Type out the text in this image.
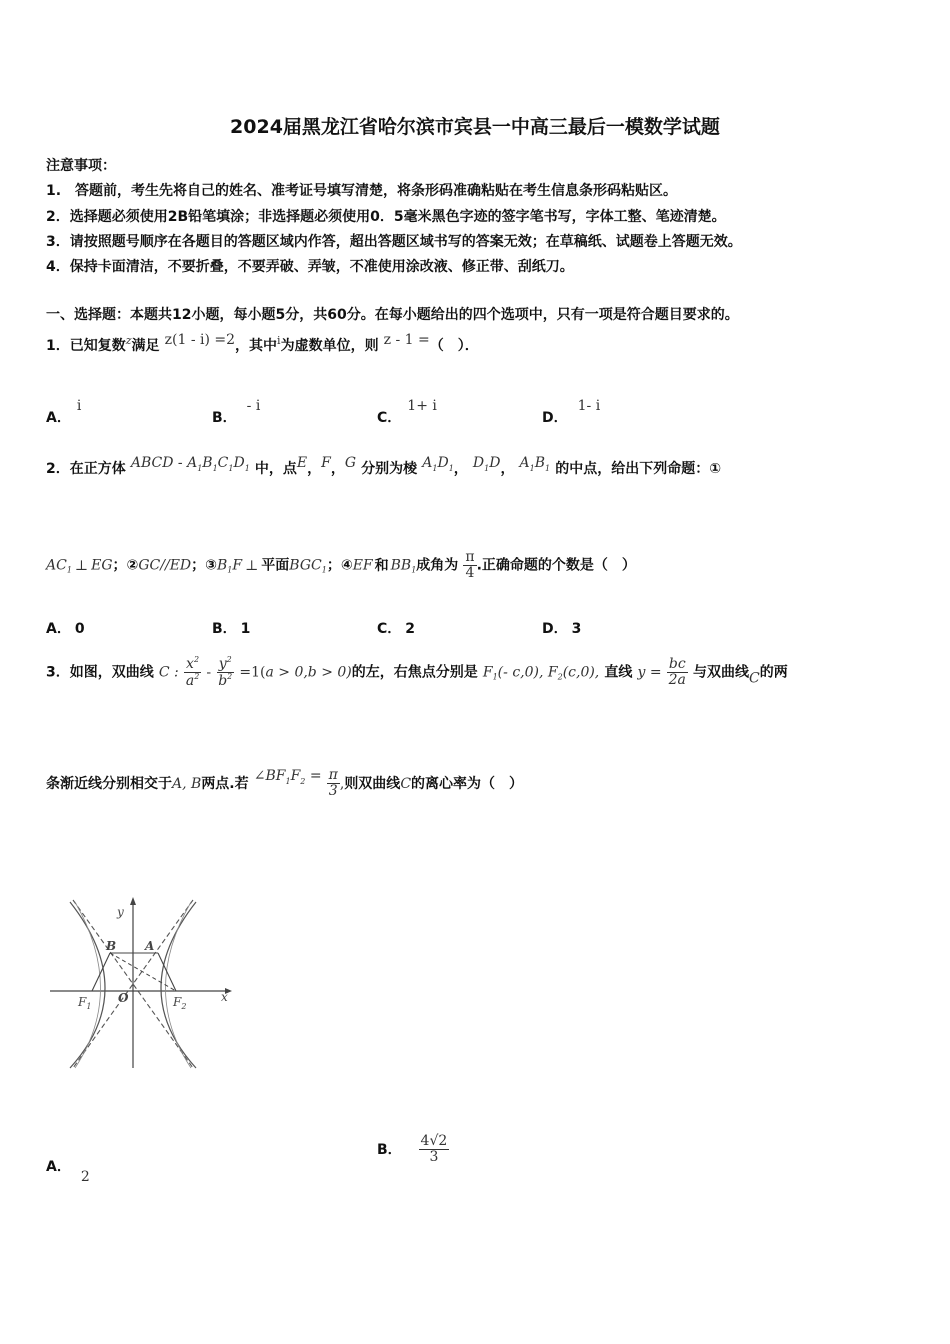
2024届黑龙江省哈尔滨市宾县一中高三最后一模数学试题
注意事项：
1.　答题前，考生先将自己的姓名、准考证号填写清楚，将条形码准确粘贴在考生信息条形码粘贴区。
2．选择题必须使用2B铅笔填涂；非选择题必须使用0．5毫米黑色字迹的签字笔书写，字体工整、笔迹清楚。
3．请按照题号顺序在各题目的答题区域内作答，超出答题区域书写的答案无效；在草稿纸、试题卷上答题无效。
4．保持卡面清洁，不要折叠，不要弄破、弄皱，不准使用涂改液、修正带、刮纸刀。
一、选择题：本题共12小题，每小题5分，共60分。在每小题给出的四个选项中，只有一项是符合题目要求的。
1．已知复数$^z$满足 z(1 - i) =2，其中$^i$为虚数单位，则 z - 1 =（　）．
A．i
B．- i
C．1+ i
D．1- i
2．在正方体 ABCD - $A^1B^1C^1D^1$ 中，点E，F，G 分别为棱 $A^1D^1$， $D^1D$， $A^1B^1$ 的中点，给出下列命题：①
$AC_1$ ⊥ EG；②GC//ED；$③B_1F$ ⊥ 平面$BGC_1$；④EF 和 $BB_1$成角为 $\frac{\pi}{4}$ .正确命题的个数是（　）
A． 0	B． 1	C． 2	D． 3
3．如图，双曲线 C : $\frac{x^2}{a^2} - \frac{y^2}{b^2} =1(a > 0,b > 0)$的左，右焦点分别是 $F_1(-$ c,0), $F_2(c,0)$, 直线 $y = \frac{bc}{2a}$ 与双曲线C的两
条渐近线分别相交于A, B两点.若 $\angle BF^1F^2 = \frac{\pi}{3}$ ,则双曲线C的离心率为（　）
y
x
B A
$F_1$
O	$F_2$
A．2
B． $\frac{4√2}{3}$
